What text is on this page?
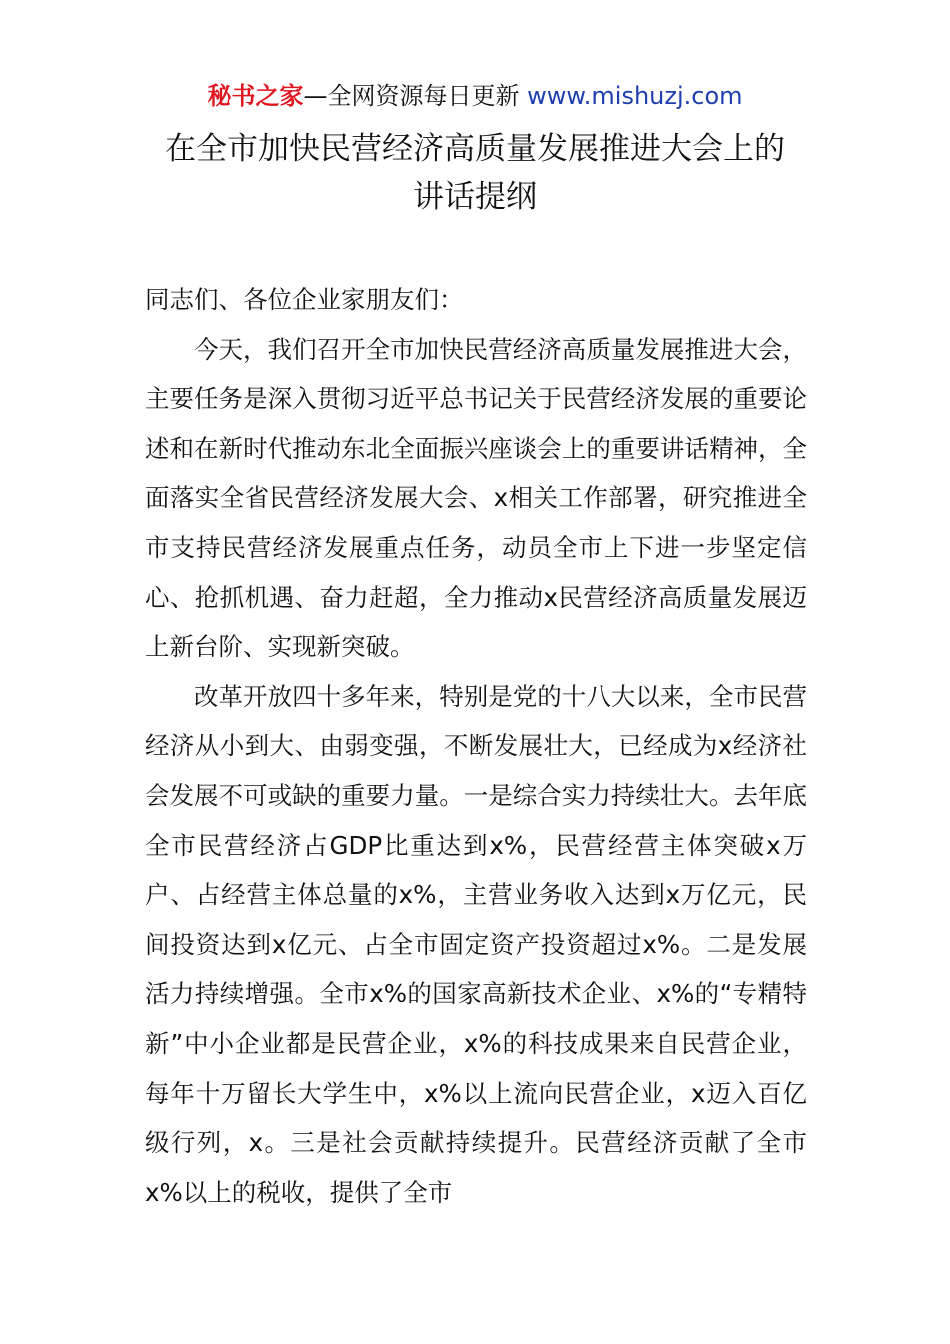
秘书之家—全网资源每日更新 www.mishuzj.com
在全市加快民营经济高质量发展推进大会上的
讲话提纲

同志们、各位企业家朋友们：

今天，我们召开全市加快民营经济高质量发展推进大会，主要任务是深入贯彻习近平总书记关于民营经济发展的重要论述和在新时代推动东北全面振兴座谈会上的重要讲话精神，全面落实全省民营经济发展大会、x相关工作部署，研究推进全市支持民营经济发展重点任务，动员全市上下进一步坚定信心、抢抓机遇、奋力赶超，全力推动x民营经济高质量发展迈上新台阶、实现新突破。

改革开放四十多年来，特别是党的十八大以来，全市民营经济从小到大、由弱变强，不断发展壮大，已经成为x经济社会发展不可或缺的重要力量。一是综合实力持续壮大。去年底全市民营经济占GDP比重达到x%，民营经营主体突破x万户、占经营主体总量的x%，主营业务收入达到x万亿元，民间投资达到x亿元、占全市固定资产投资超过x%。二是发展活力持续增强。全市x%的国家高新技术企业、x%的“专精特新”中小企业都是民营企业，x%的科技成果来自民营企业，每年十万留长大学生中，x%以上流向民营企业，x迈入百亿级行列，x。三是社会贡献持续提升。民营经济贡献了全市x%以上的税收，提供了全市
